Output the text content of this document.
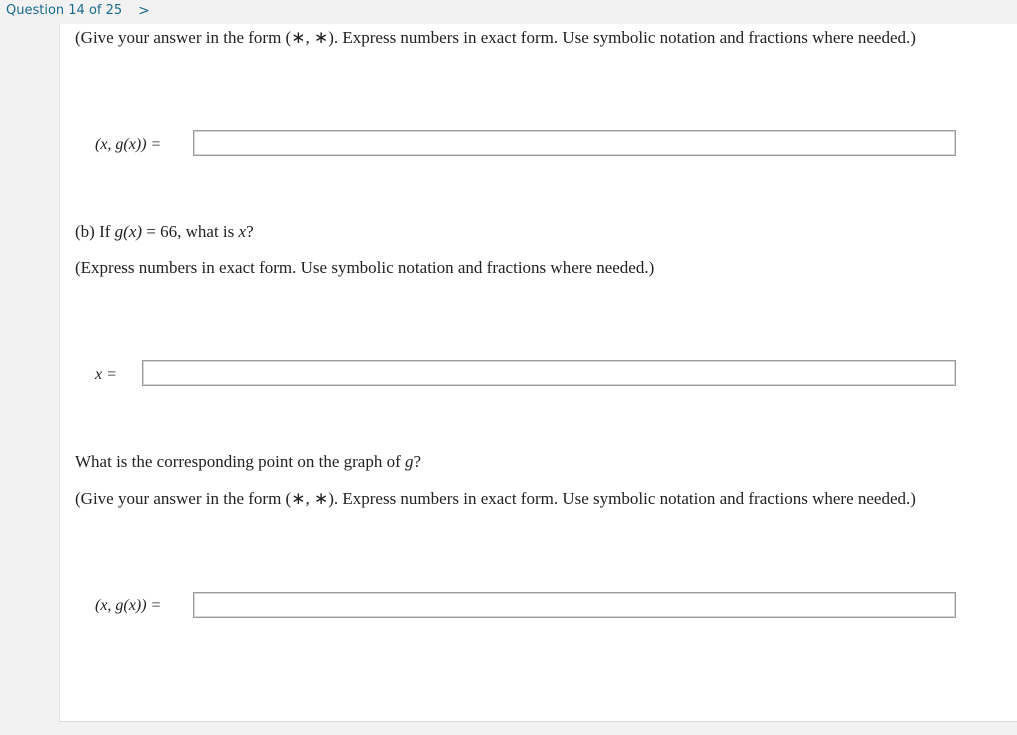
Question 14 of 25 >
(Give your answer in the form (∗, ∗). Express numbers in exact form. Use symbolic notation and fractions where needed.)
(x, g(x)) =
(b) If g(x) = 66, what is x?
(Express numbers in exact form. Use symbolic notation and fractions where needed.)
x =
What is the corresponding point on the graph of g?
(Give your answer in the form (∗, ∗). Express numbers in exact form. Use symbolic notation and fractions where needed.)
(x, g(x)) =
